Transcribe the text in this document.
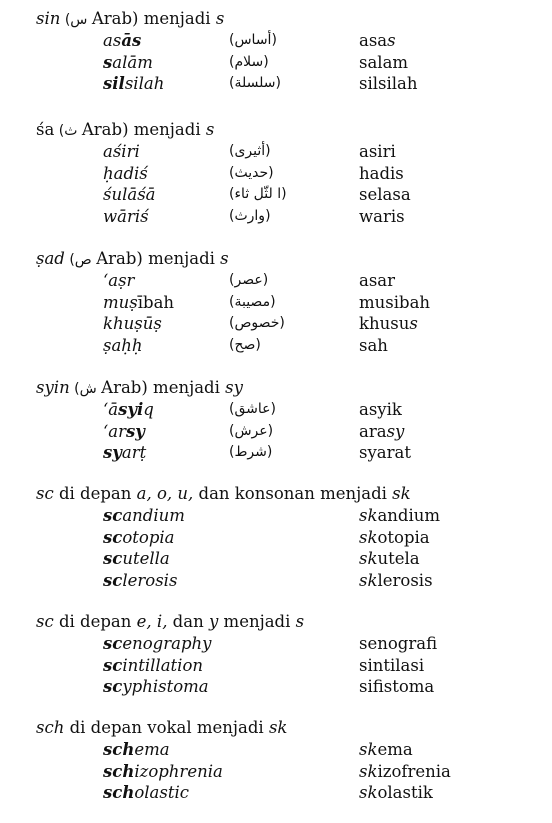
sin (س Arab) menjadi s
asās	(أساس)	asas
salām	(سلام)	salam
silsilah	(سلسلة)	silsilah
śa (ث Arab) menjadi s
aśiri	(أثيرى)	asiri
ḥadiś	(حديث)	hadis
śulāśā	(ا لثّل ثاء)	selasa
wāriś	(وارث)	waris
ṣad (ص Arab) menjadi s
‘aṣr	(عصر)	asar
muṣībah	(مصيبة)	musibah
khuṣūṣ	(خصوص)	khusus
ṣaḥḥ	(صح)	sah
syin (ش Arab) menjadi sy
‘āsyiq	(عاشق)	asyik
‘arsy	(عرش)	arasy
syarṭ	(شرط)	syarat
sc di depan a, o, u, dan konsonan menjadi sk
scandium	skandium
scotopia	skotopia
scutella	skutela
sclerosis	sklerosis
sc di depan e, i, dan y menjadi s
scenography	senografi
scintillation	sintilasi
scyphistoma	sifistoma
sch di depan vokal menjadi sk
schema	skema
schizophrenia	skizofrenia
scholastic	skolastik
